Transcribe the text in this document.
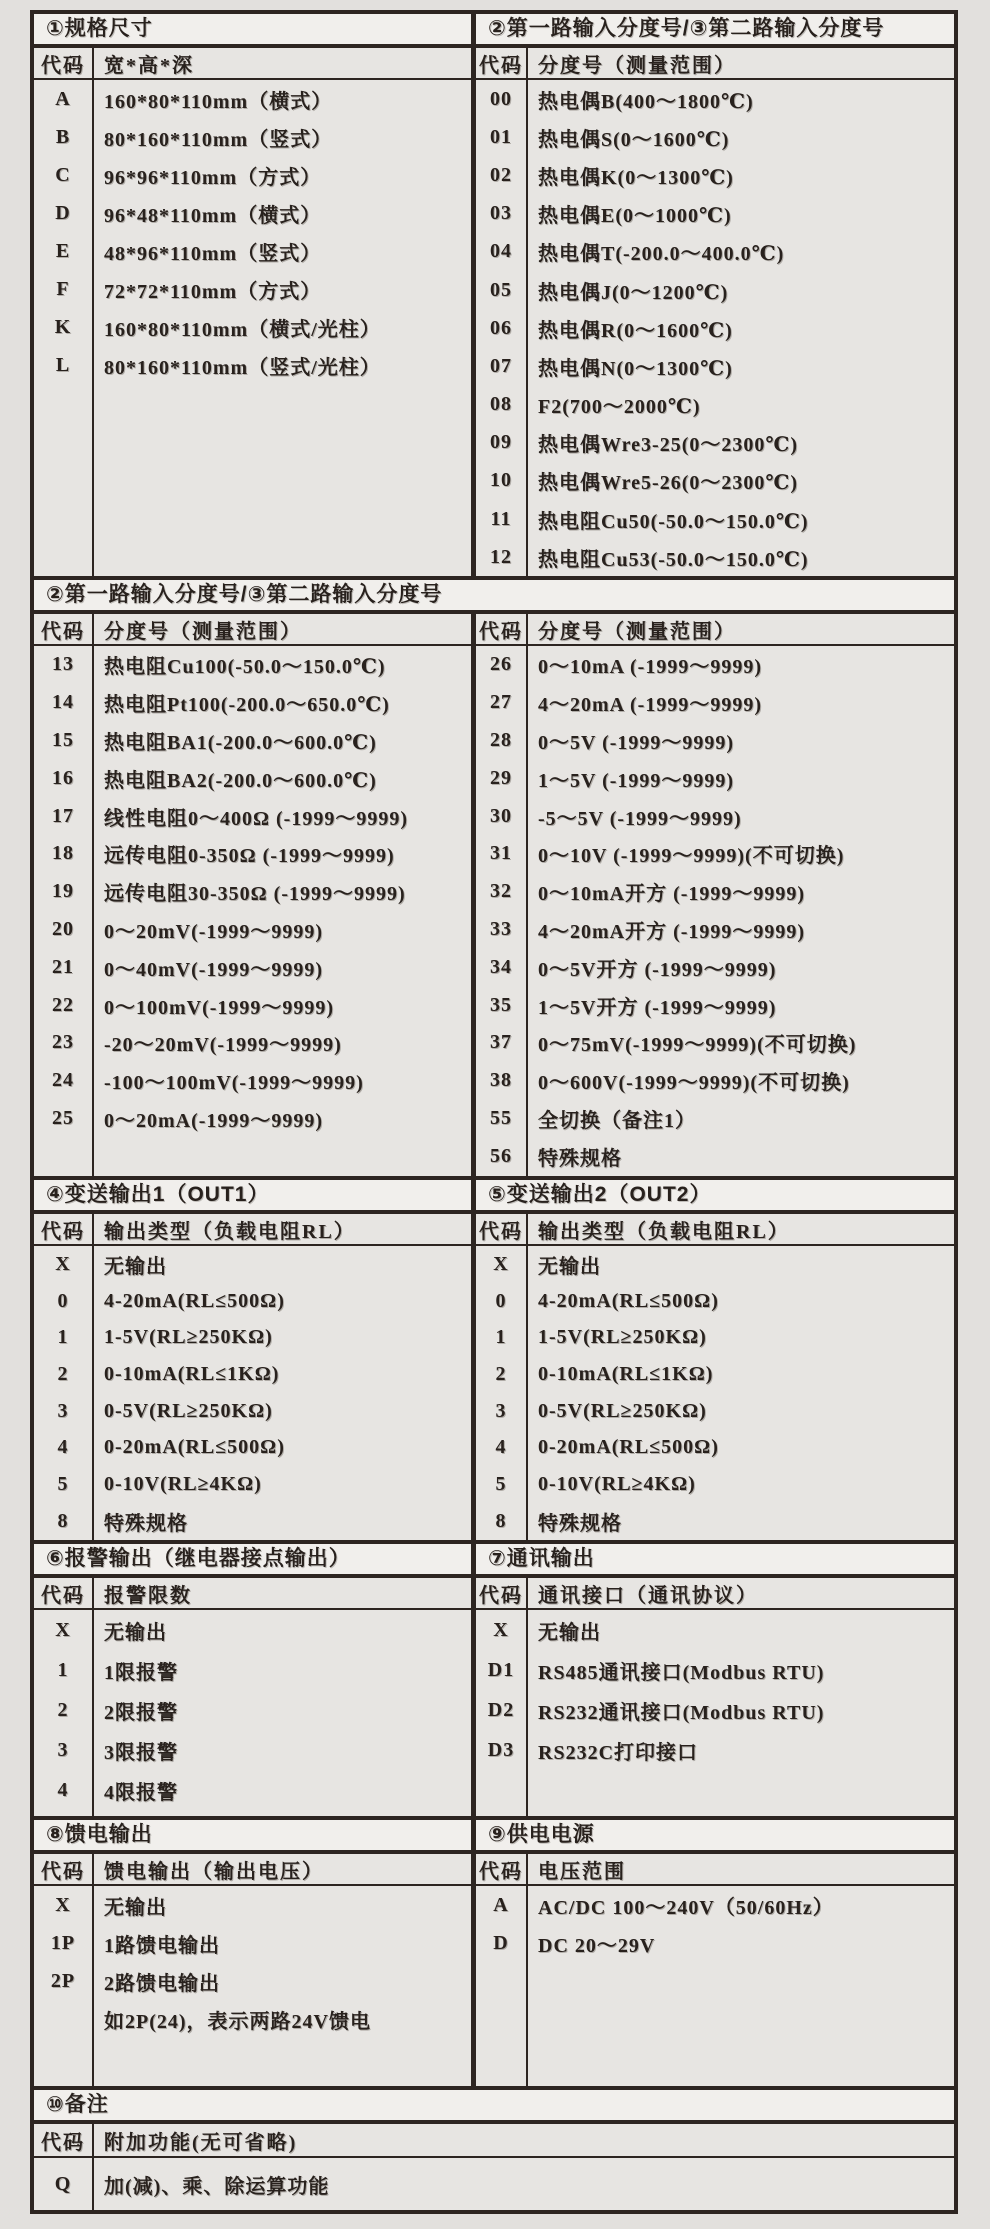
①规格尺寸
代码 宽*高*深
A	160*80*110mm（横式）
B	80*160*110mm（竖式）
C	96*96*110mm（方式）
D	96*48*110mm（横式）
E	48*96*110mm（竖式）
F	72*72*110mm（方式）
K	160*80*110mm（横式/光柱）
L	80*160*110mm（竖式/光柱）
②第一路输入分度号/③第二路输入分度号
代码 分度号（测量范围）
00	热电偶B(400～1800℃)
01	热电偶S(0～1600℃)
02	热电偶K(0～1300℃)
03	热电偶E(0～1000℃)
04	热电偶T(-200.0～400.0℃)
05	热电偶J(0～1200℃)
06	热电偶R(0～1600℃)
07	热电偶N(0～1300℃)
08	F2(700～2000℃)
09	热电偶Wre3-25(0～2300℃)
10	热电偶Wre5-26(0～2300℃)
11	热电阻Cu50(-50.0～150.0℃)
12	热电阻Cu53(-50.0～150.0℃)
②第一路输入分度号/③第二路输入分度号
代码 分度号（测量范围）
13	热电阻Cu100(-50.0～150.0℃)
14	热电阻Pt100(-200.0～650.0℃)
15	热电阻BA1(-200.0～600.0℃)
16	热电阻BA2(-200.0～600.0℃)
17	线性电阻0～400Ω (-1999～9999)
18	远传电阻0-350Ω (-1999～9999)
19	远传电阻30-350Ω (-1999～9999)
20	0～20mV(-1999～9999)
21	0～40mV(-1999～9999)
22	0～100mV(-1999～9999)
23	-20～20mV(-1999～9999)
24	-100～100mV(-1999～9999)
25	0～20mA(-1999～9999)
代码 分度号（测量范围）
26	0～10mA (-1999～9999)
27	4～20mA (-1999～9999)
28	0～5V (-1999～9999)
29	1～5V (-1999～9999)
30	-5～5V (-1999～9999)
31	0～10V (-1999～9999)(不可切换)
32	0～10mA开方 (-1999～9999)
33	4～20mA开方 (-1999～9999)
34	0～5V开方 (-1999～9999)
35	1～5V开方 (-1999～9999)
37	0～75mV(-1999～9999)(不可切换)
38	0～600V(-1999～9999)(不可切换)
55	全切换（备注1）
56	特殊规格
④变送输出1（OUT1）
代码 输出类型（负载电阻RL）
X	无输出
0	4-20mA(RL≤500Ω)
1	1-5V(RL≥250KΩ)
2	0-10mA(RL≤1KΩ)
3	0-5V(RL≥250KΩ)
4	0-20mA(RL≤500Ω)
5	0-10V(RL≥4KΩ)
8	特殊规格
⑤变送输出2（OUT2）
代码 输出类型（负载电阻RL）
X	无输出
0	4-20mA(RL≤500Ω)
1	1-5V(RL≥250KΩ)
2	0-10mA(RL≤1KΩ)
3	0-5V(RL≥250KΩ)
4	0-20mA(RL≤500Ω)
5	0-10V(RL≥4KΩ)
8	特殊规格
⑥报警输出（继电器接点输出）
代码 报警限数
X	无输出
1	1限报警
2	2限报警
3	3限报警
4	4限报警
⑦通讯输出
代码 通讯接口（通讯协议）
X	无输出
D1	RS485通讯接口(Modbus RTU)
D2	RS232通讯接口(Modbus RTU)
D3	RS232C打印接口
⑧馈电输出
代码 馈电输出（输出电压）
X	无输出
1P	1路馈电输出
2P	2路馈电输出
如2P(24)，表示两路24V馈电
⑨供电电源
代码 电压范围
A	AC/DC 100～240V（50/60Hz）
D	DC 20～29V
⑩备注
代码 附加功能(无可省略)
Q	加(减)、乘、除运算功能
